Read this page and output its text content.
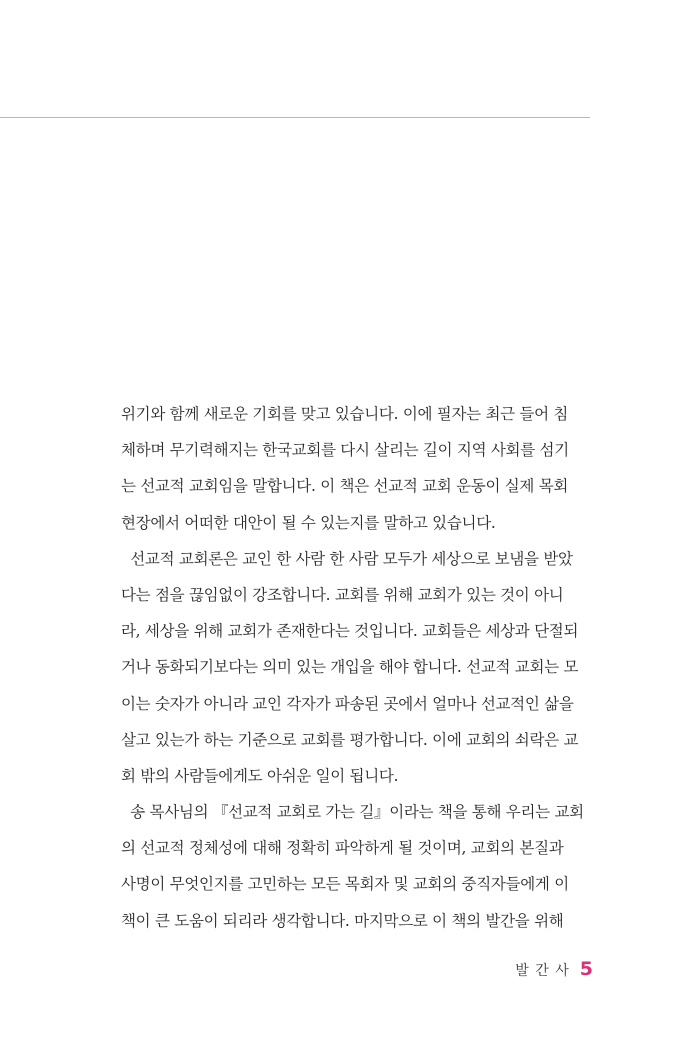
위기와 함께 새로운 기회를 맞고 있습니다. 이에 필자는 최근 들어 침
체하며 무기력해지는 한국교회를 다시 살리는 길이 지역 사회를 섬기
는 선교적 교회임을 말합니다. 이 책은 선교적 교회 운동이 실제 목회
현장에서 어떠한 대안이 될 수 있는지를 말하고 있습니다.
선교적 교회론은 교인 한 사람 한 사람 모두가 세상으로 보냄을 받았
다는 점을 끊임없이 강조합니다. 교회를 위해 교회가 있는 것이 아니
라, 세상을 위해 교회가 존재한다는 것입니다. 교회들은 세상과 단절되
거나 동화되기보다는 의미 있는 개입을 해야 합니다. 선교적 교회는 모
이는 숫자가 아니라 교인 각자가 파송된 곳에서 얼마나 선교적인 삶을
살고 있는가 하는 기준으로 교회를 평가합니다. 이에 교회의 쇠락은 교
회 밖의 사람들에게도 아쉬운 일이 됩니다.
송 목사님의 『선교적 교회로 가는 길』이라는 책을 통해 우리는 교회
의 선교적 정체성에 대해 정확히 파악하게 될 것이며, 교회의 본질과
사명이 무엇인지를 고민하는 모든 목회자 및 교회의 중직자들에게 이
책이 큰 도움이 되리라 생각합니다. 마지막으로 이 책의 발간을 위해
발 간 사 5
